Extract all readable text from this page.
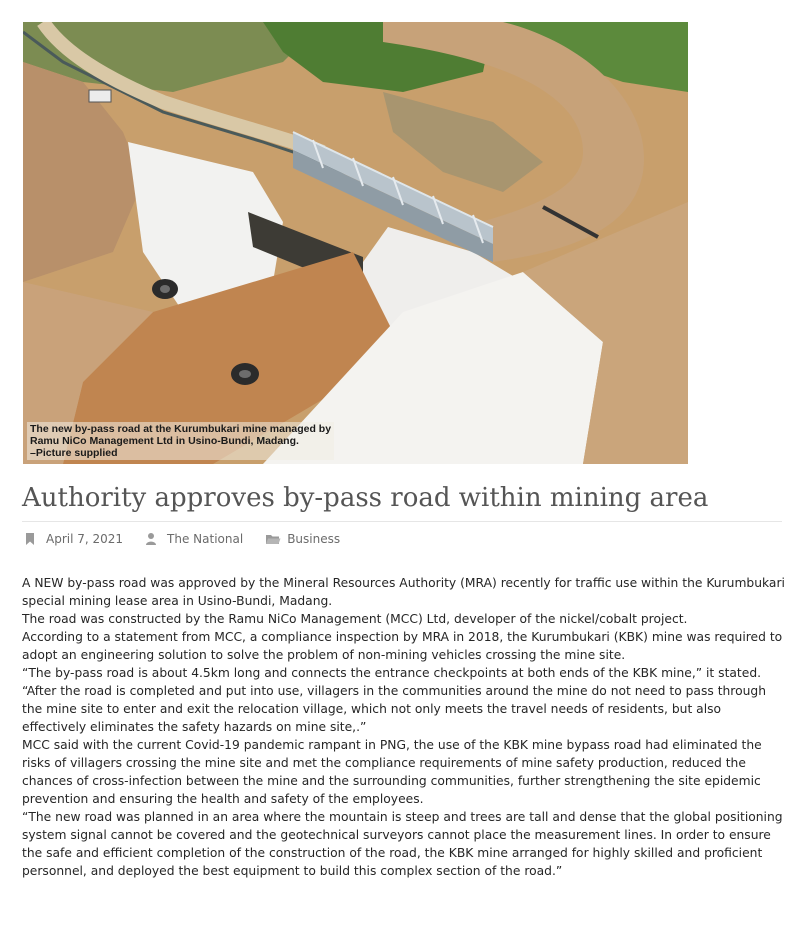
The new by-pass road at the Kurumbukari mine managed by
Ramu NiCo Management Ltd in Usino-Bundi, Madang.
–Picture supplied
Authority approves by-pass road within mining area
April 7, 2021	The National	Business

A NEW by-pass road was approved by the Mineral Resources Authority (MRA) recently for traffic use within the Kurumbukari special mining lease area in Usino-Bundi, Madang.

The road was constructed by the Ramu NiCo Management (MCC) Ltd, developer of the nickel/cobalt project.

According to a statement from MCC, a compliance inspection by MRA in 2018, the Kurumbukari (KBK) mine was required to adopt an engineering solution to solve the problem of non-mining vehicles crossing the mine site.

“The by-pass road is about 4.5km long and connects the entrance checkpoints at both ends of the KBK mine,” it stated.

“After the road is completed and put into use, villagers in the communities around the mine do not need to pass through the mine site to enter and exit the relocation village, which not only meets the travel needs of residents, but also effectively eliminates the safety hazards on mine site,.”

MCC said with the current Covid-19 pandemic rampant in PNG, the use of the KBK mine bypass road had eliminated the risks of villagers crossing the mine site and met the compliance requirements of mine safety production, reduced the chances of cross-infection between the mine and the surrounding communities, further strengthening the site epidemic prevention and ensuring the health and safety of the employees.

“The new road was planned in an area where the mountain is steep and trees are tall and dense that the global positioning system signal cannot be covered and the geotechnical surveyors cannot place the measurement lines. In order to ensure the safe and efficient completion of the construction of the road, the KBK mine arranged for highly skilled and proficient personnel, and deployed the best equipment to build this complex section of the road.”
